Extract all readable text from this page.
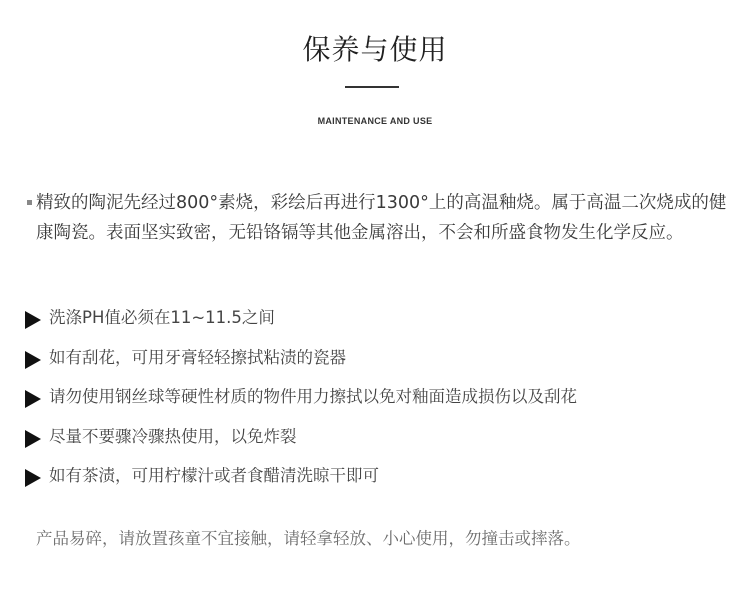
保养与使用
MAINTENANCE AND USE

精致的陶泥先经过800°素烧，彩绘后再进行1300°上的高温釉烧。属于高温二次烧成的健康陶瓷。表面坚实致密，无铅铬镉等其他金属溶出，不会和所盛食物发生化学反应。

洗涤PH值必须在11~11.5之间
如有刮花，可用牙膏轻轻擦拭粘渍的瓷器
请勿使用钢丝球等硬性材质的物件用力擦拭以免对釉面造成损伤以及刮花
尽量不要骤冷骤热使用，以免炸裂
如有茶渍，可用柠檬汁或者食醋清洗晾干即可
产品易碎，请放置孩童不宜接触，请轻拿轻放、小心使用，勿撞击或摔落。
